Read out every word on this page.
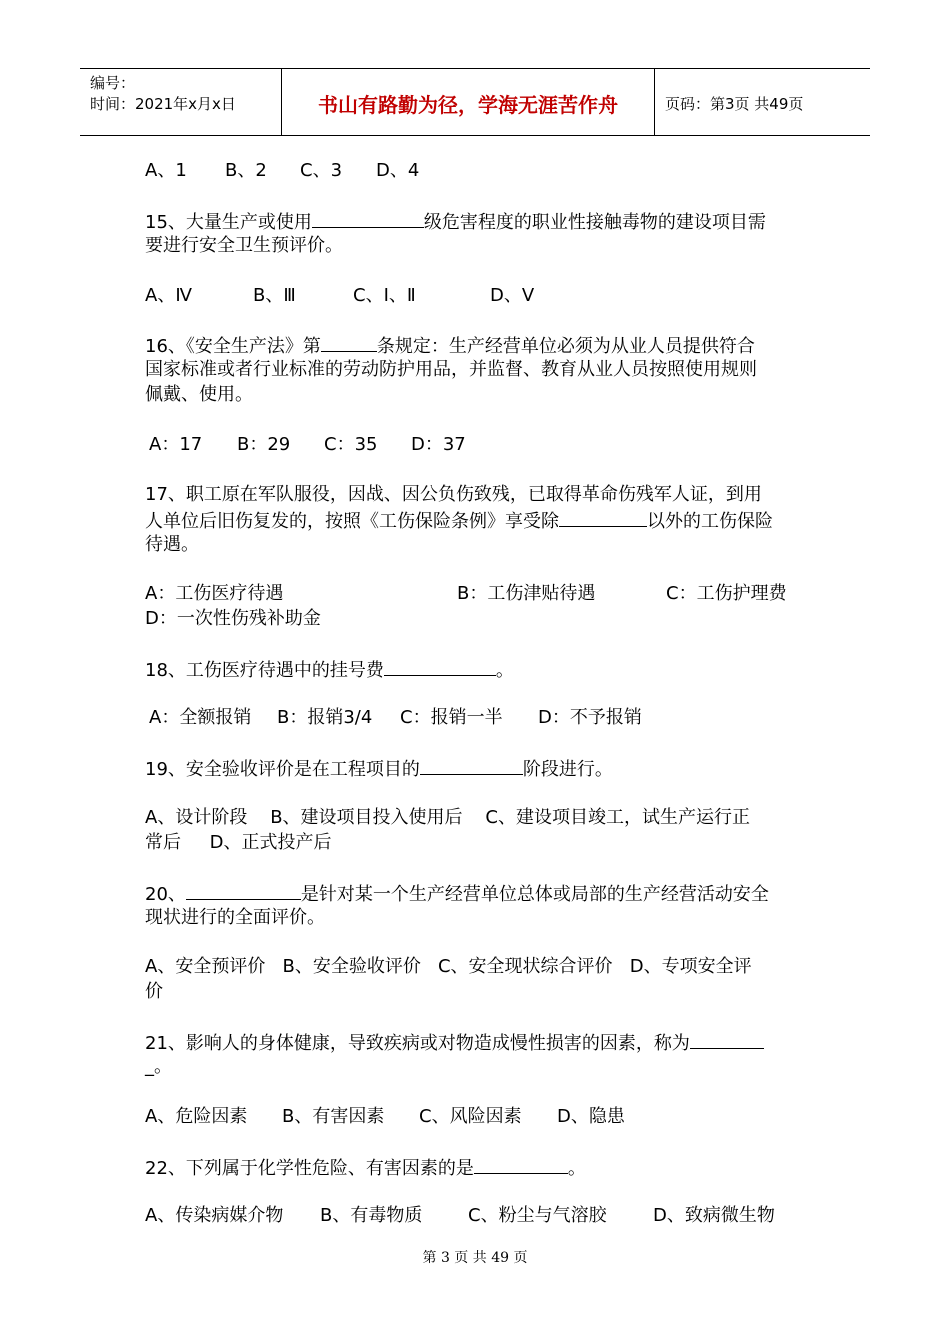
编号：
时间：2021年x月x日	书山有路勤为径，学海无涯苦作舟	页码：第3页 共49页
A、1 B、2 C、3 D、4
15、大量生产或使用	级危害程度的职业性接触毒物的建设项目需
要进行安全卫生预评价。
A、Ⅳ	B、Ⅲ	C、Ⅰ、Ⅱ	D、Ⅴ
16、《安全生产法》第	条规定：生产经营单位必须为从业人员提供符合
国家标准或者行业标准的劳动防护用品，并监督、教育从业人员按照使用规则
佩戴、使用。
A：17 B：29 C：35 D：37
17、职工原在军队服役，因战、因公负伤致残，已取得革命伤残军人证，到用
人单位后旧伤复发的，按照《工伤保险条例》享受除	以外的工伤保险
待遇。
A：工伤医疗待遇	B：工伤津贴待遇	C：工伤护理费
D：一次性伤残补助金
18、工伤医疗待遇中的挂号费	。
A：全额报销 B：报销3/4 C：报销一半 D：不予报销
19、安全验收评价是在工程项目的	阶段进行。
A、设计阶段    B、建设项目投入使用后    C、建设项目竣工，试生产运行正
常后     D、正式投产后
20、	是针对某一个生产经营单位总体或局部的生产经营活动安全
现状进行的全面评价。
A、安全预评价   B、安全验收评价   C、安全现状综合评价   D、专项安全评
价
21、影响人的身体健康，导致疾病或对物造成慢性损害的因素，称为
_。
A、危险因素 B、有害因素 C、风险因素 D、隐患
22、下列属于化学性危险、有害因素的是	。
A、传染病媒介物 B、有毒物质	C、粉尘与气溶胶	D、致病微生物
第 3 页 共 49 页
